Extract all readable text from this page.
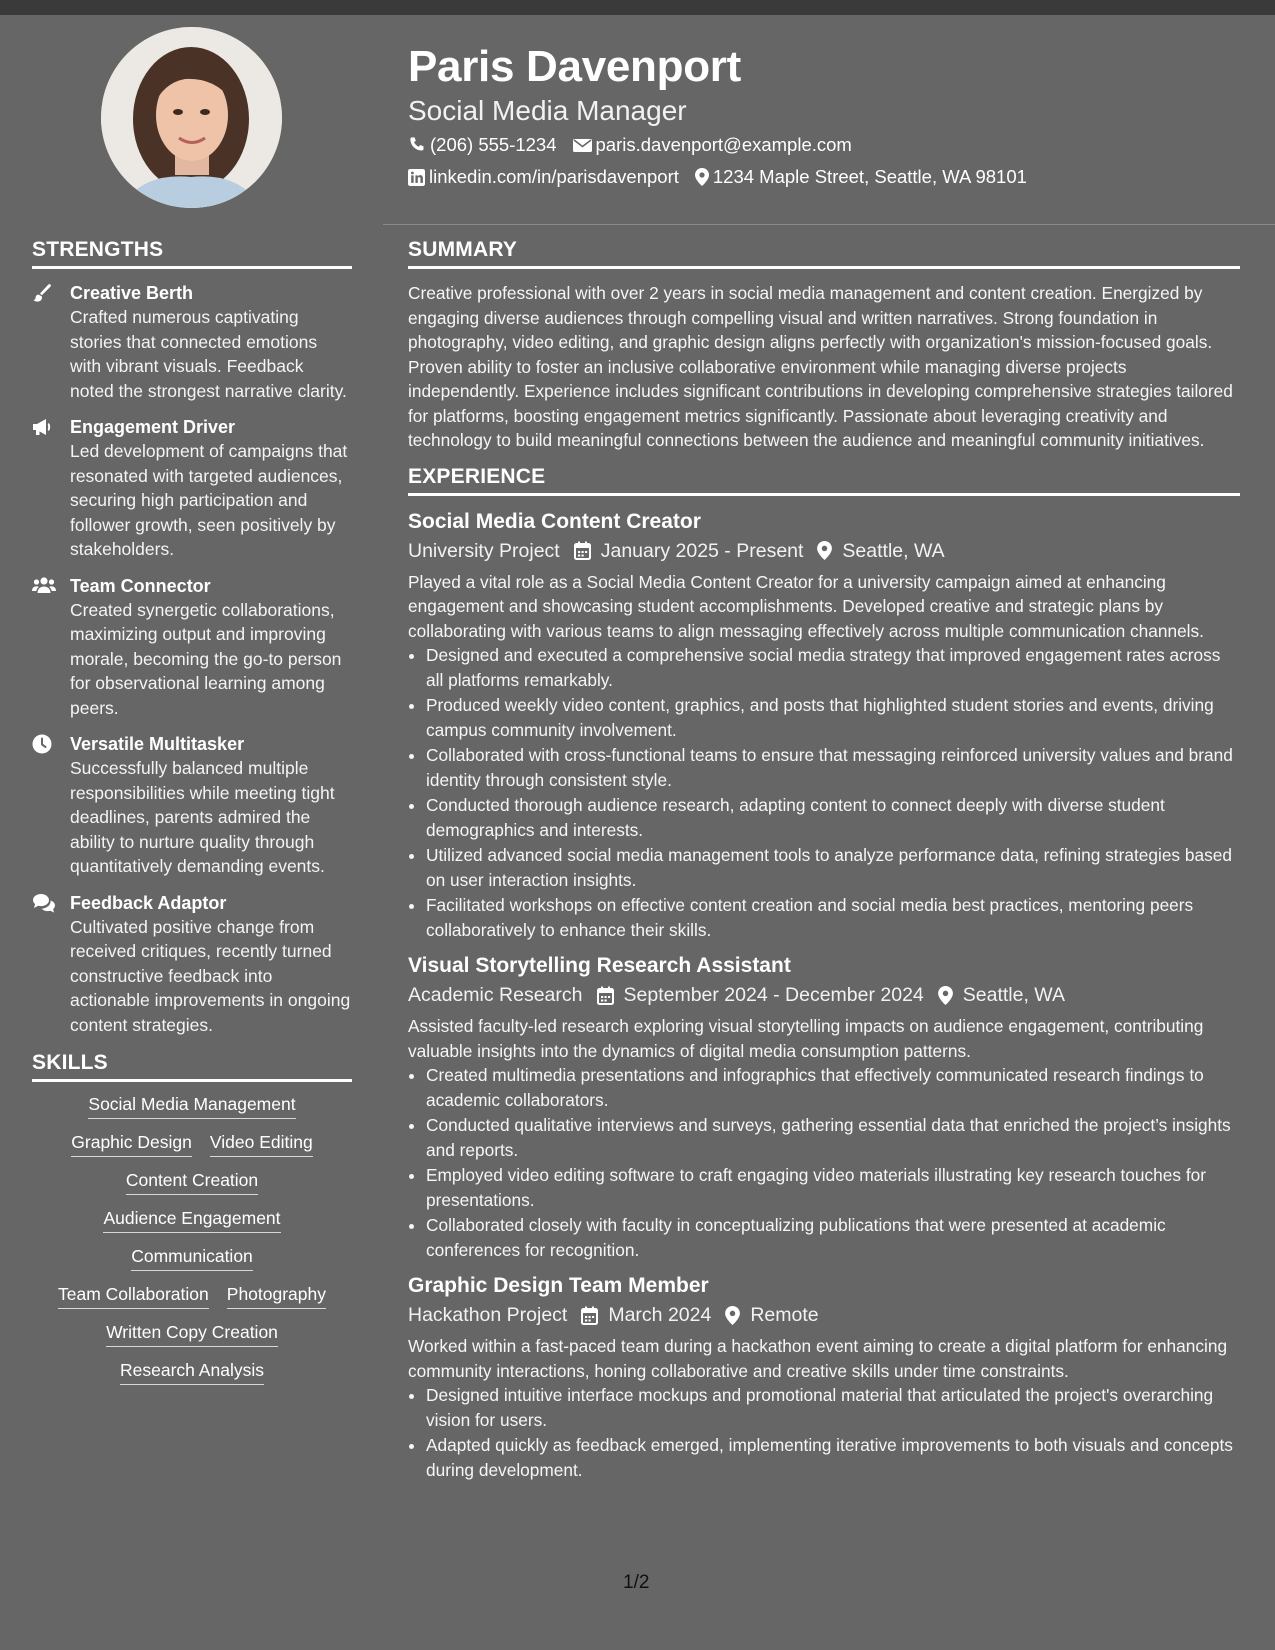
Paris Davenport
Social Media Manager
(206) 555-1234 paris.davenport@example.com
linkedin.com/in/parisdavenport 1234 Maple Street, Seattle, WA 98101
STRENGTHS
Creative Berth
Crafted numerous captivating stories that connected emotions with vibrant visuals. Feedback noted the strongest narrative clarity.
Engagement Driver
Led development of campaigns that resonated with targeted audiences, securing high participation and follower growth, seen positively by stakeholders.
Team Connector
Created synergetic collaborations, maximizing output and improving morale, becoming the go-to person for observational learning among peers.
Versatile Multitasker
Successfully balanced multiple responsibilities while meeting tight deadlines, parents admired the ability to nurture quality through quantitatively demanding events.
Feedback Adaptor
Cultivated positive change from received critiques, recently turned constructive feedback into actionable improvements in ongoing content strategies.
SKILLS
Social Media Management
Graphic Design Video Editing
Content Creation
Audience Engagement
Communication
Team Collaboration Photography
Written Copy Creation
Research Analysis
SUMMARY

Creative professional with over 2 years in social media management and content creation. Energized by engaging diverse audiences through compelling visual and written narratives. Strong foundation in photography, video editing, and graphic design aligns perfectly with organization's mission-focused goals. Proven ability to foster an inclusive collaborative environment while managing diverse projects independently. Experience includes significant contributions in developing comprehensive strategies tailored for platforms, boosting engagement metrics significantly. Passionate about leveraging creativity and technology to build meaningful connections between the audience and meaningful community initiatives.

EXPERIENCE
Social Media Content Creator
University Project January 2025 - Present Seattle, WA
Played a vital role as a Social Media Content Creator for a university campaign aimed at enhancing engagement and showcasing student accomplishments. Developed creative and strategic plans by collaborating with various teams to align messaging effectively across multiple communication channels.
• Designed and executed a comprehensive social media strategy that improved engagement rates across all platforms remarkably.
• Produced weekly video content, graphics, and posts that highlighted student stories and events, driving campus community involvement.
• Collaborated with cross-functional teams to ensure that messaging reinforced university values and brand identity through consistent style.
• Conducted thorough audience research, adapting content to connect deeply with diverse student demographics and interests.
• Utilized advanced social media management tools to analyze performance data, refining strategies based on user interaction insights.
• Facilitated workshops on effective content creation and social media best practices, mentoring peers collaboratively to enhance their skills.
Visual Storytelling Research Assistant
Academic Research September 2024 - December 2024 Seattle, WA
Assisted faculty-led research exploring visual storytelling impacts on audience engagement, contributing valuable insights into the dynamics of digital media consumption patterns.
• Created multimedia presentations and infographics that effectively communicated research findings to academic collaborators.
• Conducted qualitative interviews and surveys, gathering essential data that enriched the project’s insights and reports.
• Employed video editing software to craft engaging video materials illustrating key research touches for presentations.
• Collaborated closely with faculty in conceptualizing publications that were presented at academic conferences for recognition.
Graphic Design Team Member
Hackathon Project March 2024 Remote
Worked within a fast-paced team during a hackathon event aiming to create a digital platform for enhancing community interactions, honing collaborative and creative skills under time constraints.
• Designed intuitive interface mockups and promotional material that articulated the project's overarching vision for users.
• Adapted quickly as feedback emerged, implementing iterative improvements to both visuals and concepts during development.
1/2
